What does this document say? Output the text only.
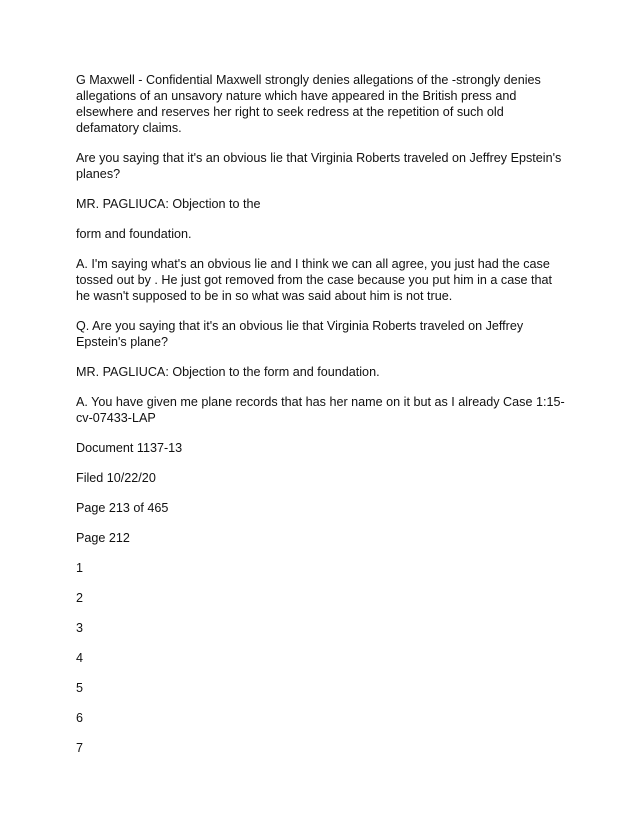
G Maxwell - Confidential Maxwell strongly denies allegations of the -strongly denies allegations of an unsavory nature which have appeared in the British press and elsewhere and reserves her right to seek redress at the repetition of such old defamatory claims.

Are you saying that it's an obvious lie that Virginia Roberts traveled on Jeffrey Epstein's planes?

MR. PAGLIUCA: Objection to the

form and foundation.

A. I'm saying what's an obvious lie and I think we can all agree, you just had the case tossed out by . He just got removed from the case because you put him in a case that he wasn't supposed to be in so what was said about him is not true.

Q. Are you saying that it's an obvious lie that Virginia Roberts traveled on Jeffrey Epstein's plane?

MR. PAGLIUCA: Objection to the form and foundation.

A. You have given me plane records that has her name on it but as I already Case 1:15-cv-07433-LAP

Document 1137-13

Filed 10/22/20

Page 213 of 465

Page 212

1

2

3

4

5

6

7
